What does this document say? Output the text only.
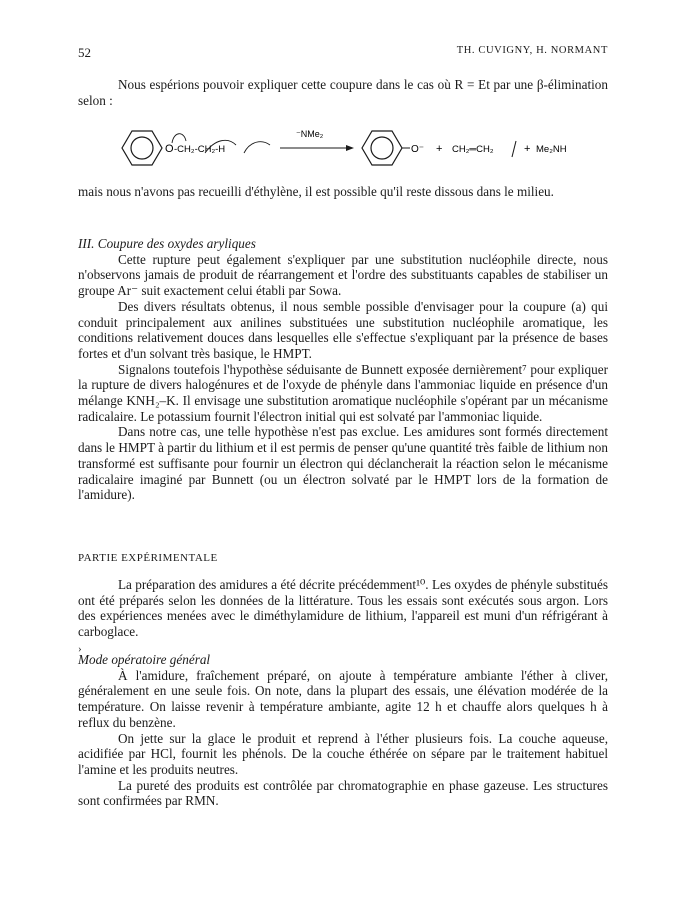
52	TH. CUVIGNY, H. NORMANT

Nous espérions pouvoir expliquer cette coupure dans le cas où R = Et par une β-élimination selon :

O -CH₂-CH₂-H
⁻NMe₂
O⁻ + CH₂═CH₂	+ Me₂NH

mais nous n'avons pas recueilli d'éthylène, il est possible qu'il reste dissous dans le milieu.

III. Coupure des oxydes aryliques

Cette rupture peut également s'expliquer par une substitution nucléophile directe, nous n'observons jamais de produit de réarrangement et l'ordre des substituants capables de stabiliser un groupe Ar⁻ suit exactement celui établi par Sowa.

Des divers résultats obtenus, il nous semble possible d'envisager pour la coupure (a) qui conduit principalement aux anilines substituées une substitution nucléophile aromatique, les conditions relativement douces dans lesquelles elle s'effectue s'expliquant par la présence de bases fortes et d'un solvant très basique, le HMPT.

Signalons toutefois l'hypothèse séduisante de Bunnett exposée dernièrement⁷ pour expliquer la rupture de divers halogénures et de l'oxyde de phényle dans l'ammoniac liquide en présence d'un mélange KNH₂–K. Il envisage une substitution aromatique nucléophile s'opérant par un mécanisme radicalaire. Le potassium fournit l'électron initial qui est solvaté par l'ammoniac liquide.

Dans notre cas, une telle hypothèse n'est pas exclue. Les amidures sont formés directement dans le HMPT à partir du lithium et il est permis de penser qu'une quantité très faible de lithium non transformé est suffisante pour fournir un électron qui déclancherait la réaction selon le mécanisme radicalaire imaginé par Bunnett (ou un électron solvaté par le HMPT lors de la formation de l'amidure).

PARTIE EXPÉRIMENTALE

La préparation des amidures a été décrite précédemment¹⁰. Les oxydes de phényle substitués ont été préparés selon les données de la littérature. Tous les essais sont exécutés sous argon. Lors des expériences menées avec le diméthylamidure de lithium, l'appareil est muni d'un réfrigérant à carboglace.

›

Mode opératoire général

À l'amidure, fraîchement préparé, on ajoute à température ambiante l'éther à cliver, généralement en une seule fois. On note, dans la plupart des essais, une élévation modérée de la température. On laisse revenir à température ambiante, agite 12 h et chauffe alors quelques h à reflux du benzène.

On jette sur la glace le produit et reprend à l'éther plusieurs fois. La couche aqueuse, acidifiée par HCl, fournit les phénols. De la couche éthérée on sépare par le traitement habituel l'amine et les produits neutres.

La pureté des produits est contrôlée par chromatographie en phase gazeuse. Les structures sont confirmées par RMN.
